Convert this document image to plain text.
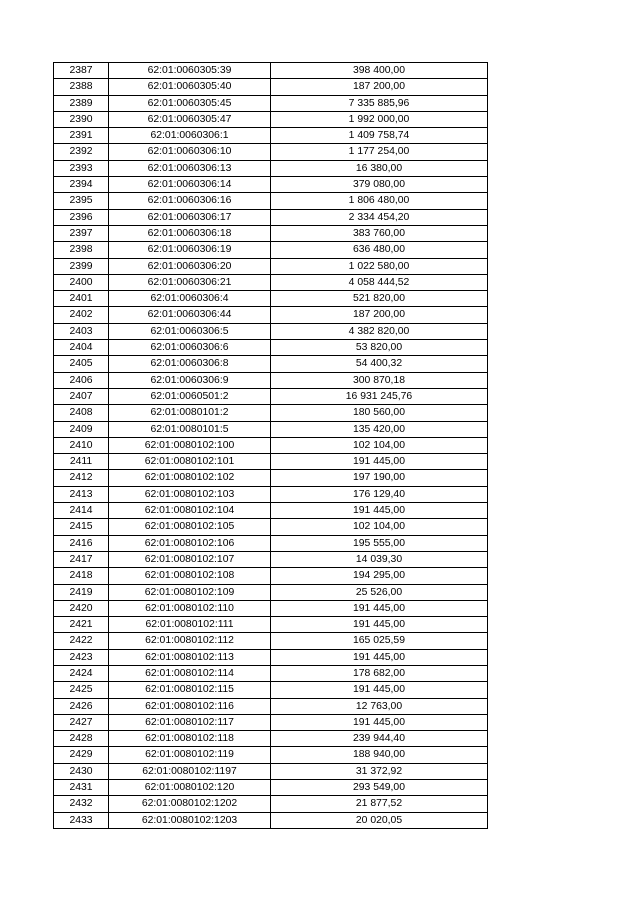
2387	62:01:0060305:39	398 400,00
2388	62:01:0060305:40	187 200,00
2389	62:01:0060305:45	7 335 885,96
2390	62:01:0060305:47	1 992 000,00
2391	62:01:0060306:1	1 409 758,74
2392	62:01:0060306:10	1 177 254,00
2393	62:01:0060306:13	16 380,00
2394	62:01:0060306:14	379 080,00
2395	62:01:0060306:16	1 806 480,00
2396	62:01:0060306:17	2 334 454,20
2397	62:01:0060306:18	383 760,00
2398	62:01:0060306:19	636 480,00
2399	62:01:0060306:20	1 022 580,00
2400	62:01:0060306:21	4 058 444,52
2401	62:01:0060306:4	521 820,00
2402	62:01:0060306:44	187 200,00
2403	62:01:0060306:5	4 382 820,00
2404	62:01:0060306:6	53 820,00
2405	62:01:0060306:8	54 400,32
2406	62:01:0060306:9	300 870,18
2407	62:01:0060501:2	16 931 245,76
2408	62:01:0080101:2	180 560,00
2409	62:01:0080101:5	135 420,00
2410	62:01:0080102:100	102 104,00
2411	62:01:0080102:101	191 445,00
2412	62:01:0080102:102	197 190,00
2413	62:01:0080102:103	176 129,40
2414	62:01:0080102:104	191 445,00
2415	62:01:0080102:105	102 104,00
2416	62:01:0080102:106	195 555,00
2417	62:01:0080102:107	14 039,30
2418	62:01:0080102:108	194 295,00
2419	62:01:0080102:109	25 526,00
2420	62:01:0080102:110	191 445,00
2421	62:01:0080102:111	191 445,00
2422	62:01:0080102:112	165 025,59
2423	62:01:0080102:113	191 445,00
2424	62:01:0080102:114	178 682,00
2425	62:01:0080102:115	191 445,00
2426	62:01:0080102:116	12 763,00
2427	62:01:0080102:117	191 445,00
2428	62:01:0080102:118	239 944,40
2429	62:01:0080102:119	188 940,00
2430	62:01:0080102:1197	31 372,92
2431	62:01:0080102:120	293 549,00
2432	62:01:0080102:1202	21 877,52
2433	62:01:0080102:1203	20 020,05
